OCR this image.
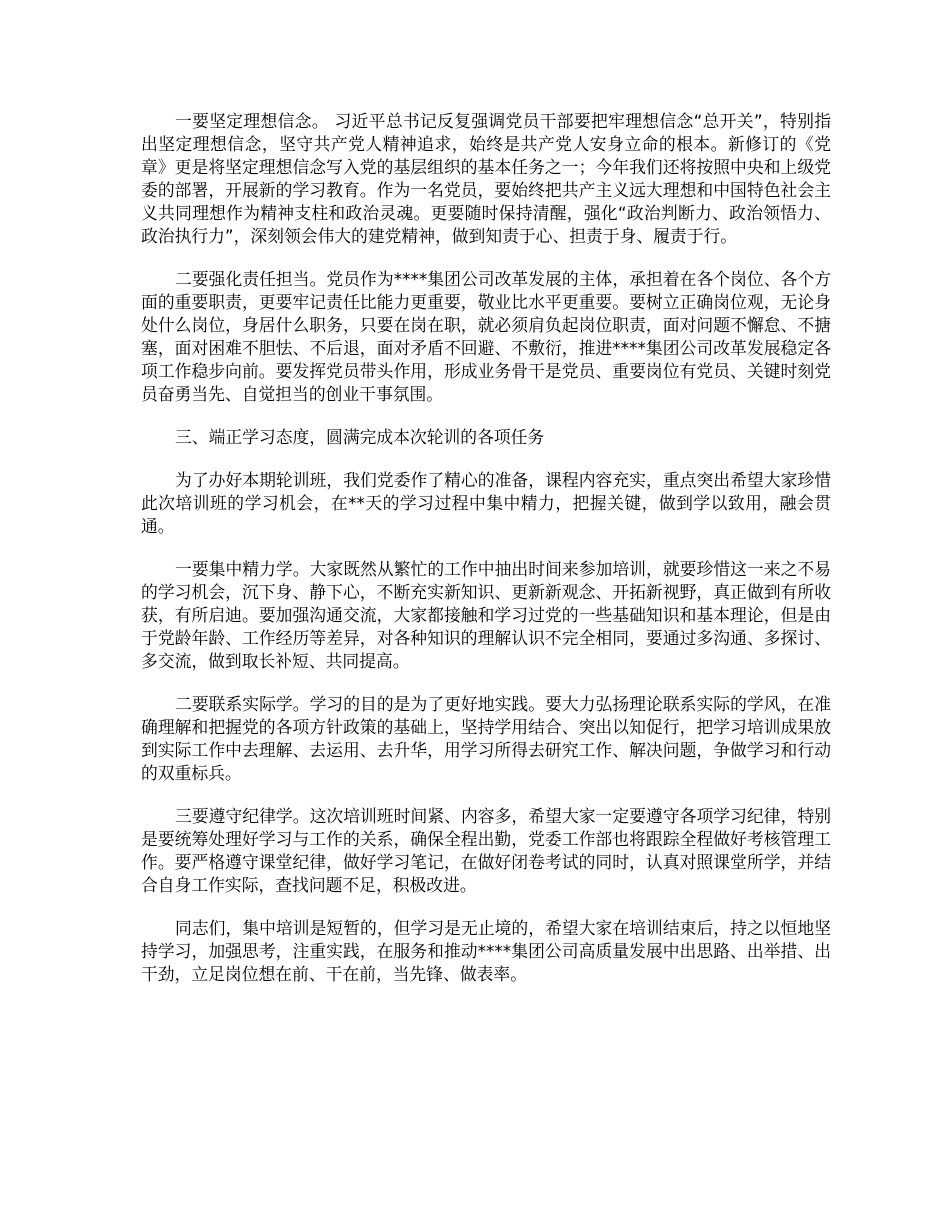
一要坚定理想信念。 习近平总书记反复强调党员干部要把牢理想信念“总开关”，特别指出坚定理想信念，坚守共产党人精神追求，始终是共产党人安身立命的根本。新修订的《党章》更是将坚定理想信念写入党的基层组织的基本任务之一；今年我们还将按照中央和上级党委的部署，开展新的学习教育。作为一名党员，要始终把共产主义远大理想和中国特色社会主义共同理想作为精神支柱和政治灵魂。更要随时保持清醒，强化“政治判断力、政治领悟力、政治执行力”，深刻领会伟大的建党精神，做到知责于心、担责于身、履责于行。

二要强化责任担当。党员作为****集团公司改革发展的主体，承担着在各个岗位、各个方面的重要职责，更要牢记责任比能力更重要，敬业比水平更重要。要树立正确岗位观，无论身处什么岗位，身居什么职务，只要在岗在职，就必须肩负起岗位职责，面对问题不懈怠、不搪塞，面对困难不胆怯、不后退，面对矛盾不回避、不敷衍，推进****集团公司改革发展稳定各项工作稳步向前。要发挥党员带头作用，形成业务骨干是党员、重要岗位有党员、关键时刻党员奋勇当先、自觉担当的创业干事氛围。

三、端正学习态度，圆满完成本次轮训的各项任务

为了办好本期轮训班，我们党委作了精心的准备，课程内容充实，重点突出希望大家珍惜此次培训班的学习机会，在**天的学习过程中集中精力，把握关键，做到学以致用，融会贯通。

一要集中精力学。大家既然从繁忙的工作中抽出时间来参加培训，就要珍惜这一来之不易的学习机会，沉下身、静下心，不断充实新知识、更新新观念、开拓新视野，真正做到有所收获，有所启迪。要加强沟通交流，大家都接触和学习过党的一些基础知识和基本理论，但是由于党龄年龄、工作经历等差异，对各种知识的理解认识不完全相同，要通过多沟通、多探讨、多交流，做到取长补短、共同提高。

二要联系实际学。学习的目的是为了更好地实践。要大力弘扬理论联系实际的学风，在准确理解和把握党的各项方针政策的基础上，坚持学用结合、突出以知促行，把学习培训成果放到实际工作中去理解、去运用、去升华，用学习所得去研究工作、解决问题，争做学习和行动的双重标兵。

三要遵守纪律学。这次培训班时间紧、内容多，希望大家一定要遵守各项学习纪律，特别是要统筹处理好学习与工作的关系，确保全程出勤，党委工作部也将跟踪全程做好考核管理工作。要严格遵守课堂纪律，做好学习笔记，在做好闭卷考试的同时，认真对照课堂所学，并结合自身工作实际，查找问题不足，积极改进。

同志们，集中培训是短暂的，但学习是无止境的，希望大家在培训结束后，持之以恒地坚持学习，加强思考，注重实践，在服务和推动****集团公司高质量发展中出思路、出举措、出干劲，立足岗位想在前、干在前，当先锋、做表率。
